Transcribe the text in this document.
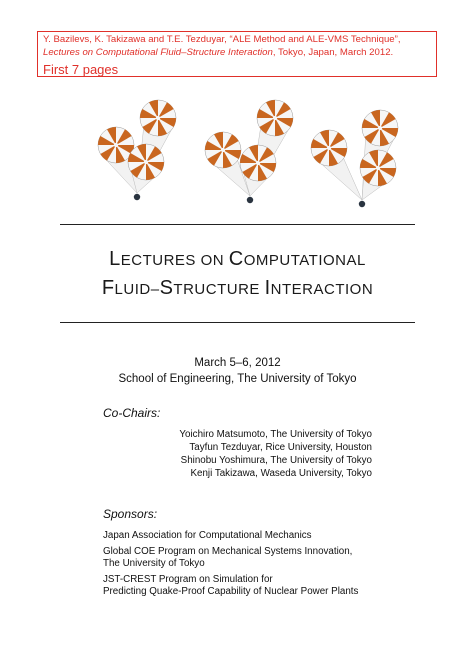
Y. Bazilevs, K. Takizawa and T.E. Tezduyar, “ALE Method and ALE-VMS Technique”,
Lectures on Computational Fluid–Structure Interaction, Tokyo, Japan, March 2012.
First 7 pages
LECTURES ON COMPUTATIONAL
FLUID–STRUCTURE INTERACTION
March 5–6, 2012
School of Engineering, The University of Tokyo
Co-Chairs:
Yoichiro Matsumoto, The University of Tokyo
Tayfun Tezduyar, Rice University, Houston
Shinobu Yoshimura, The University of Tokyo
Kenji Takizawa, Waseda University, Tokyo
Sponsors:
Japan Association for Computational Mechanics
Global COE Program on Mechanical Systems Innovation,
The University of Tokyo
JST-CREST Program on Simulation for
Predicting Quake-Proof Capability of Nuclear Power Plants
